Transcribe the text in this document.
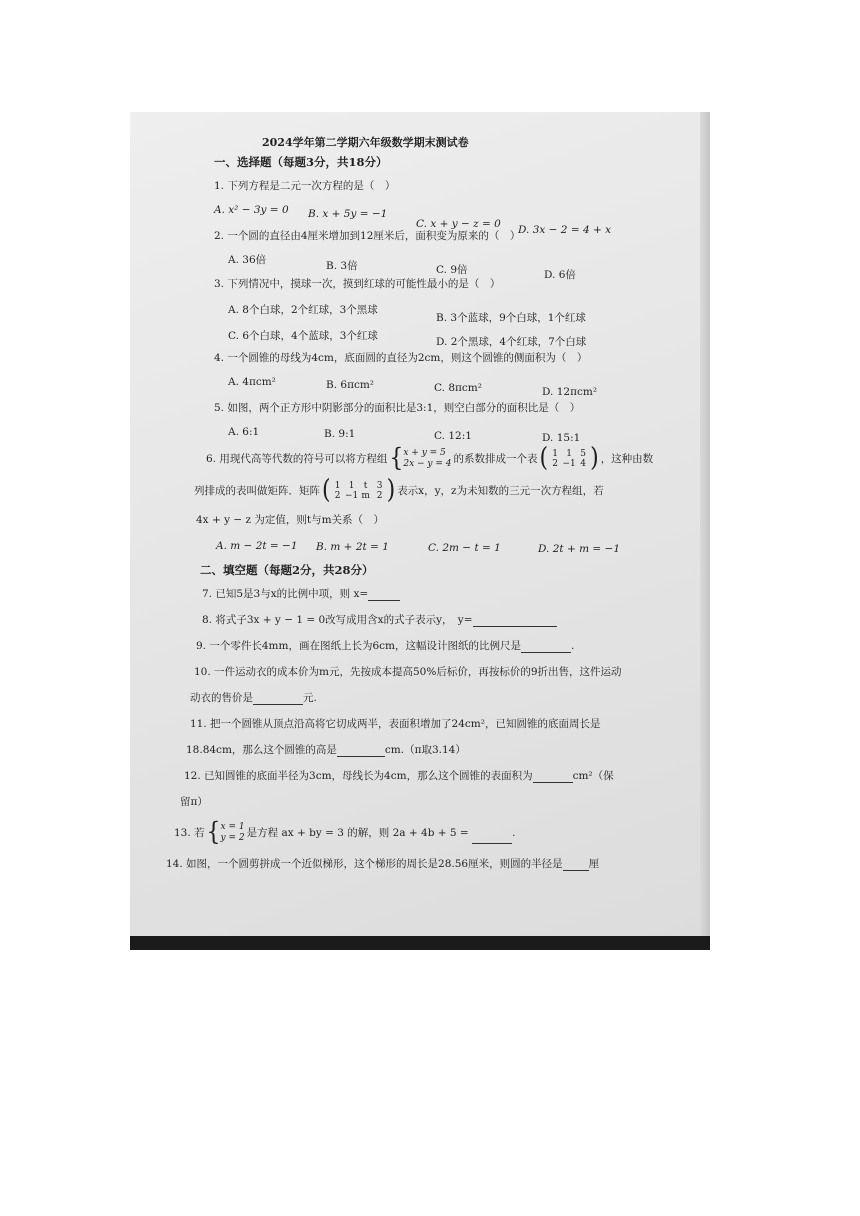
2024学年第二学期六年级数学期末测试卷
一、选择题（每题3分，共18分）
1. 下列方程是二元一次方程的是（　）
A. x² − 3y = 0 B. x + 5y = −1
C. x + y − z = 0 D. 3x − 2 = 4 + x
2. 一个圆的直径由4厘米增加到12厘米后，面积变为原来的（　）
A. 36倍	B. 3倍	C. 9倍	D. 6倍
3. 下列情况中，摸球一次，摸到红球的可能性最小的是（　）
A. 8个白球，2个红球，3个黑球
B. 3个蓝球，9个白球，1个红球
C. 6个白球，4个蓝球，3个红球	D. 2个黑球，4个红球，7个白球
4. 一个圆锥的母线为4cm，底面圆的直径为2cm，则这个圆锥的侧面积为（　）
A. 4πcm²	B. 6πcm²	C. 8πcm²	D. 12πcm²
5. 如图，两个正方形中阴影部分的面积比是3:1，则空白部分的面积比是（　）
A. 6:1	B. 9:1	C. 12:1	D. 15:1
6. 用现代高等代数的符号可以将方程组 { x + y = 5
2x − y = 4 的系数排成一个表 ( 1 1 5
2 −1 4 ) ，这种由数
列排成的表叫做矩阵．矩阵 ( 1 1 t 3
2 −1 m 2 ) 表示x，y，z为未知数的三元一次方程组，若
4x + y − z 为定值，则t与m关系（　）
A. m − 2t = −1 B. m + 2t = 1	C. 2m − t = 1	D. 2t + m = −1
二、填空题（每题2分，共28分）
7. 已知5是3与x的比例中项，则 x=
8. 将式子3x + y − 1 = 0改写成用含x的式子表示y，　y=
9. 一个零件长4mm，画在图纸上长为6cm，这幅设计图纸的比例尺是	.
10. 一件运动衣的成本价为m元，先按成本提高50%后标价，再按标价的9折出售，这件运动
动衣的售价是	元.
11. 把一个圆锥从顶点沿高将它切成两半，表面积增加了24cm²，已知圆锥的底面周长是
18.84cm，那么这个圆锥的高是	cm.（π取3.14）
12. 已知圆锥的底面半径为3cm，母线长为4cm，那么这个圆锥的表面积为	cm²（保
留π）
13. 若 { x = 1
y = 2 是方程 ax + by = 3 的解，则 2a + 4b + 5 =	.
14. 如图，一个圆剪拼成一个近似梯形，这个梯形的周长是28.56厘米，则圆的半径是 厘
